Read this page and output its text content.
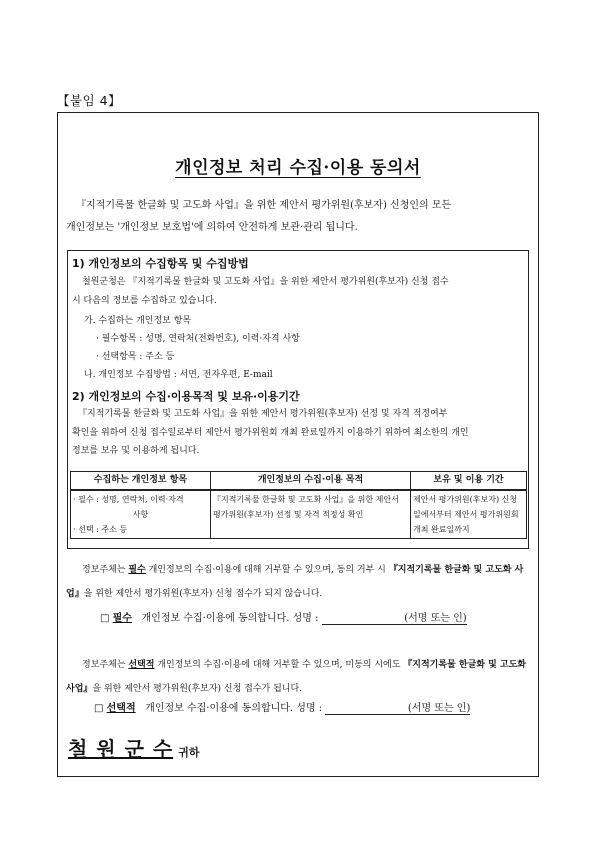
【붙임 4】
개인정보 처리 수집·이용 동의서
『지적기록물 한글화 및 고도화 사업』을 위한 제안서 평가위원(후보자) 신청인의 모든
개인정보는 '개인정보 보호법'에 의하여 안전하게 보관·관리 됩니다.
1) 개인정보의 수집항목 및 수집방법
철원군청은 『지적기록물 한글화 및 고도화 사업』을 위한 제안서 평가위원(후보자) 신청 접수
시 다음의 정보를 수집하고 있습니다.
가. 수집하는 개인정보 항목
· 필수항목 : 성명, 연락처(전화번호), 이력·자격 사항
· 선택항목 : 주소 등
나. 개인정보 수집방법 : 서면, 전자우편, E-mail
2) 개인정보의 수집·이용목적 및 보유·이용기간
『지적기록물 한글화 및 고도화 사업』을 위한 제안서 평가위원(후보자) 선정 및 자격 적정여부
확인을 위하여 신청 접수일로부터 제안서 평가위원회 개최 완료일까지 이용하기 위하여 최소한의 개인
정보를 보유 및 이용하게 됩니다.
수집하는 개인정보 항목	개인정보의 수집·이용 목적	보유 및 이용 기간

· 필수 : 성명, 연락처, 이력·자격
사항
· 선택 : 주소 등	『지적기록물 한글화 및 고도화 사업』을 위한 제안서 평가위원(후보자) 선정 및 자격 적정성 확인	제안서 평가위원(후보자) 신청일에서부터 제안서 평가위원회 개최 완료일까지
정보주체는 필수 개인정보의 수집·이용에 대해 거부할 수 있으며, 동의 거부 시 『지적기록물 한글화 및 고도화 사업』을 위한 제안서 평가위원(후보자) 신청 접수가 되지 않습니다.
□ 필수 개인정보 수집·이용에 동의합니다. 성명 :	(서명 또는 인)
정보주체는 선택적 개인정보의 수집·이용에 대해 거부할 수 있으며, 미동의 시에도 『지적기록물 한글화 및 고도화 사업』을 위한 제안서 평가위원(후보자) 신청 접수가 됩니다.
□ 선택적 개인정보 수집·이용에 동의합니다. 성명 :	(서명 또는 인)
철 원 군 수 귀하
